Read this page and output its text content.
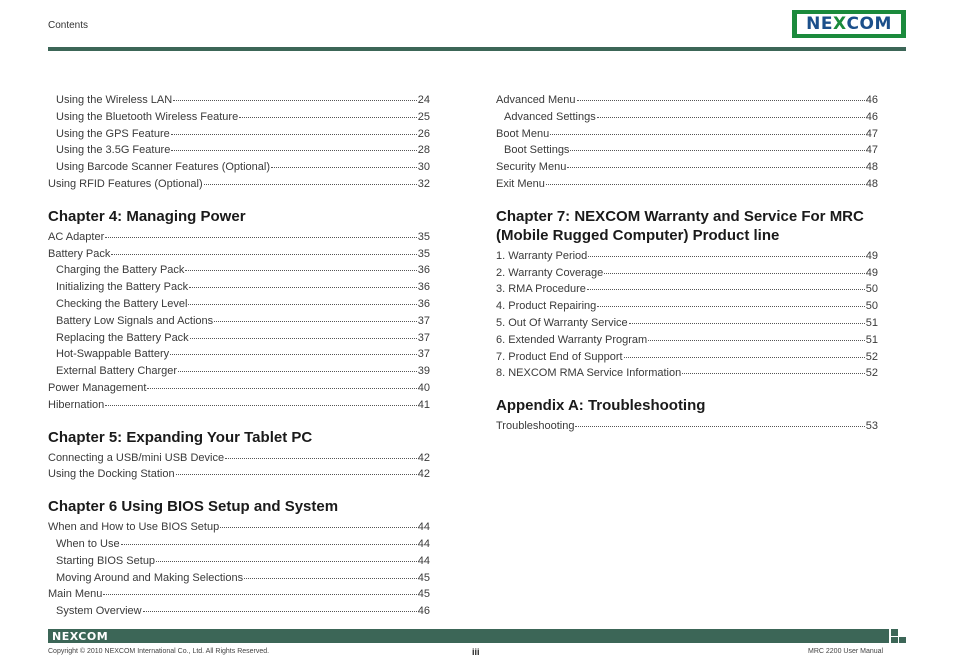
Contents	NE X COM
Using the Wireless LAN	24
Using the Bluetooth Wireless Feature	25
Using the GPS Feature	26
Using the 3.5G Feature	28
Using Barcode Scanner Features (Optional)	30
Using RFID Features (Optional)	32
Chapter 4: Managing Power
AC Adapter	35
Battery Pack	35
Charging the Battery Pack	36
Initializing the Battery Pack	36
Checking the Battery Level	36
Battery Low Signals and Actions	37
Replacing the Battery Pack	37
Hot-Swappable Battery	37
External Battery Charger	39
Power Management	40
Hibernation	41
Chapter 5: Expanding Your Tablet PC
Connecting a USB/mini USB Device	42
Using the Docking Station	42
Chapter 6 Using BIOS Setup and System
When and How to Use BIOS Setup	44
When to Use	44
Starting BIOS Setup	44
Moving Around and Making Selections	45
Main Menu	45
System Overview	46
Advanced Menu	46
Advanced Settings	46
Boot Menu	47
Boot Settings	47
Security Menu	48
Exit Menu	48
Chapter 7: NEXCOM Warranty and Service For MRC (Mobile Rugged Computer) Product line
1. Warranty Period	49
2. Warranty Coverage	49
3. RMA Procedure	50
4. Product Repairing	50
5. Out Of Warranty Service	51
6. Extended Warranty Program	51
7. Product End of Support	52
8. NEXCOM RMA Service Information	52
Appendix A: Troubleshooting
Troubleshooting	53
NEXCOM
Copyright © 2010 NEXCOM International Co., Ltd. All Rights Reserved.	iii	MRC 2200 User Manual
